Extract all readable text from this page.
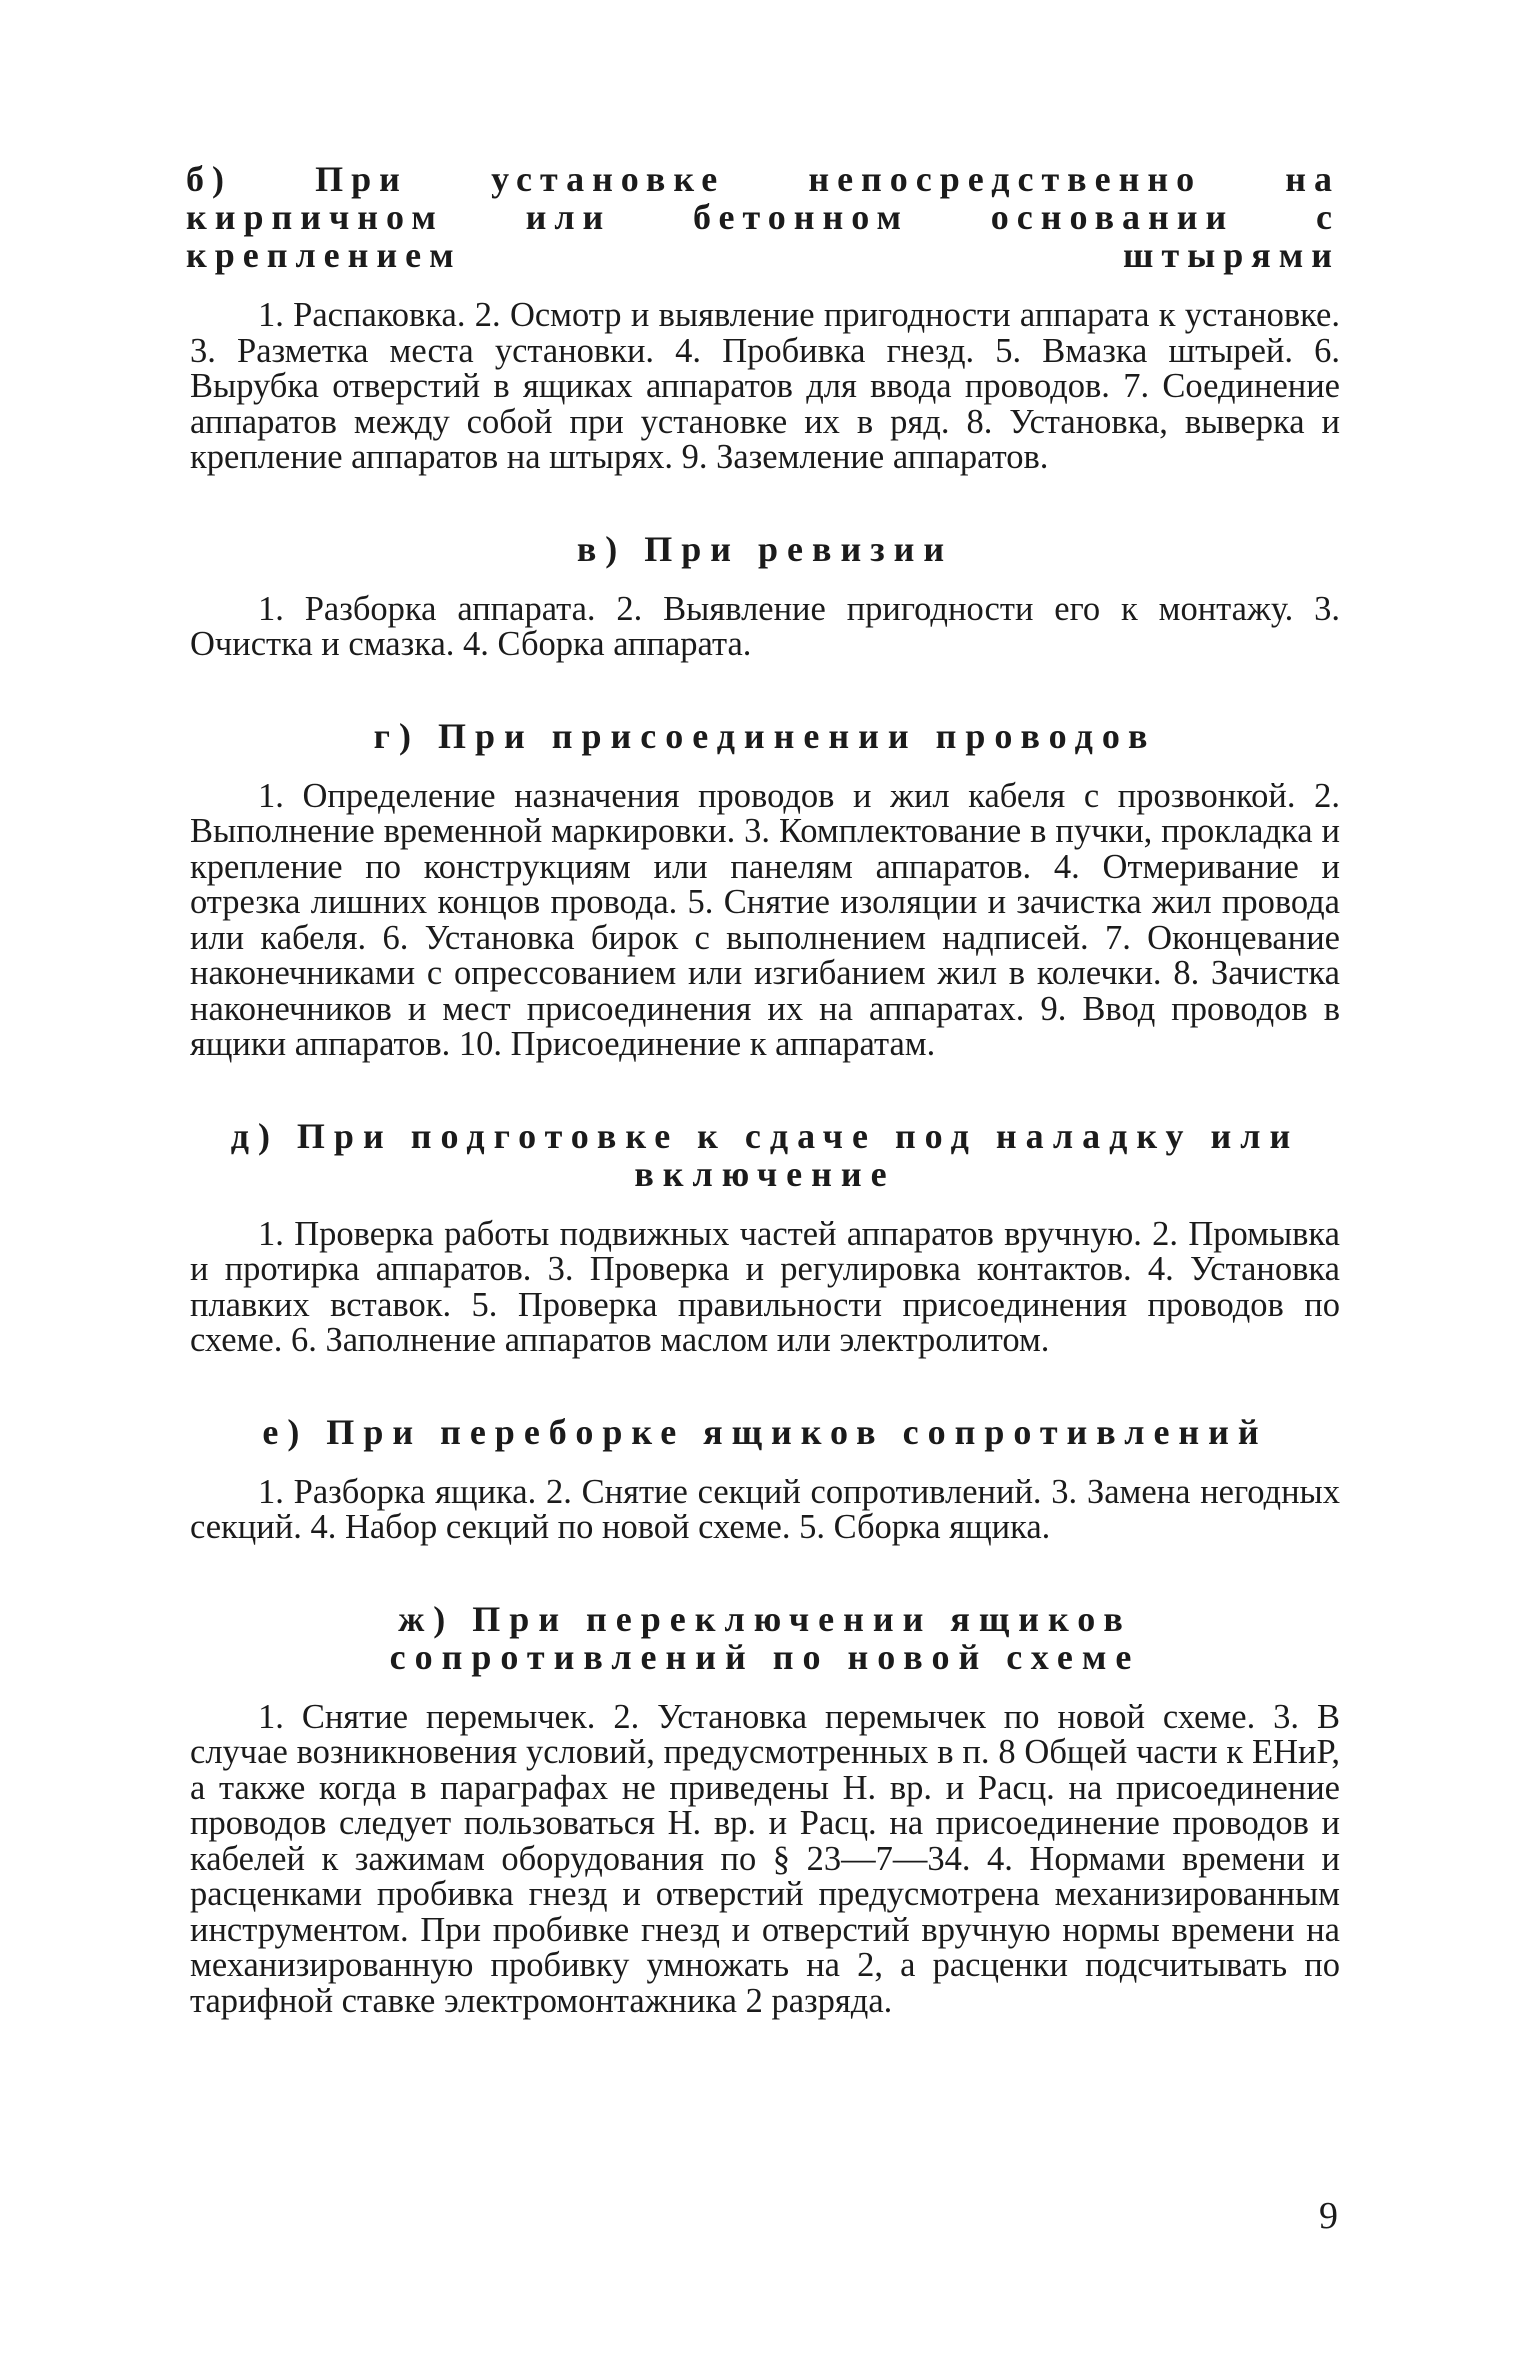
б) При установке непосредственно на кирпичном или бетонном основании с креплением штырями

1. Распаковка. 2. Осмотр и выявление пригодности аппарата к установке. 3. Разметка места установки. 4. Пробивка гнезд. 5. Вмазка штырей. 6. Вырубка отверстий в ящиках аппаратов для ввода проводов. 7. Соединение аппаратов между собой при установке их в ряд. 8. Установка, выверка и крепление аппаратов на штырях. 9. Заземление аппаратов.

в) При ревизии

1. Разборка аппарата. 2. Выявление пригодности его к монтажу. 3. Очистка и смазка. 4. Сборка аппарата.

г) При присоединении проводов

1. Определение назначения проводов и жил кабеля с прозвонкой. 2. Выполнение временной маркировки. 3. Комплектование в пучки, прокладка и крепление по конструкциям или панелям аппаратов. 4. Отмеривание и отрезка лишних концов провода. 5. Снятие изоляции и зачистка жил провода или кабеля. 6. Установка бирок с выполнением надписей. 7. Оконцевание наконечниками с опрессованием или изгибанием жил в колечки. 8. Зачистка наконечников и мест присоединения их на аппаратах. 9. Ввод проводов в ящики аппаратов. 10. Присоединение к аппаратам.

д) При подготовке к сдаче под наладку или включение

1. Проверка работы подвижных частей аппаратов вручную. 2. Промывка и протирка аппаратов. 3. Проверка и регулировка контактов. 4. Установка плавких вставок. 5. Проверка правильности присоединения проводов по схеме. 6. Заполнение аппаратов маслом или электролитом.

е) При переборке ящиков сопротивлений

1. Разборка ящика. 2. Снятие секций сопротивлений. 3. Замена негодных секций. 4. Набор секций по новой схеме. 5. Сборка ящика.

ж) При переключении ящиков сопротивлений по новой схеме

1. Снятие перемычек. 2. Установка перемычек по новой схеме. 3. В случае возникновения условий, предусмотренных в п. 8 Общей части к ЕНиР, а также когда в параграфах не приведены Н. вр. и Расц. на присоединение проводов следует пользоваться Н. вр. и Расц. на присоединение проводов и кабелей к зажимам оборудования по § 23—7—34. 4. Нормами времени и расценками пробивка гнезд и отверстий предусмотрена механизированным инструментом. При пробивке гнезд и отверстий вручную нормы времени на механизированную пробивку умножать на 2, а расценки подсчитывать по тарифной ставке электромонтажника 2 разряда.

9
